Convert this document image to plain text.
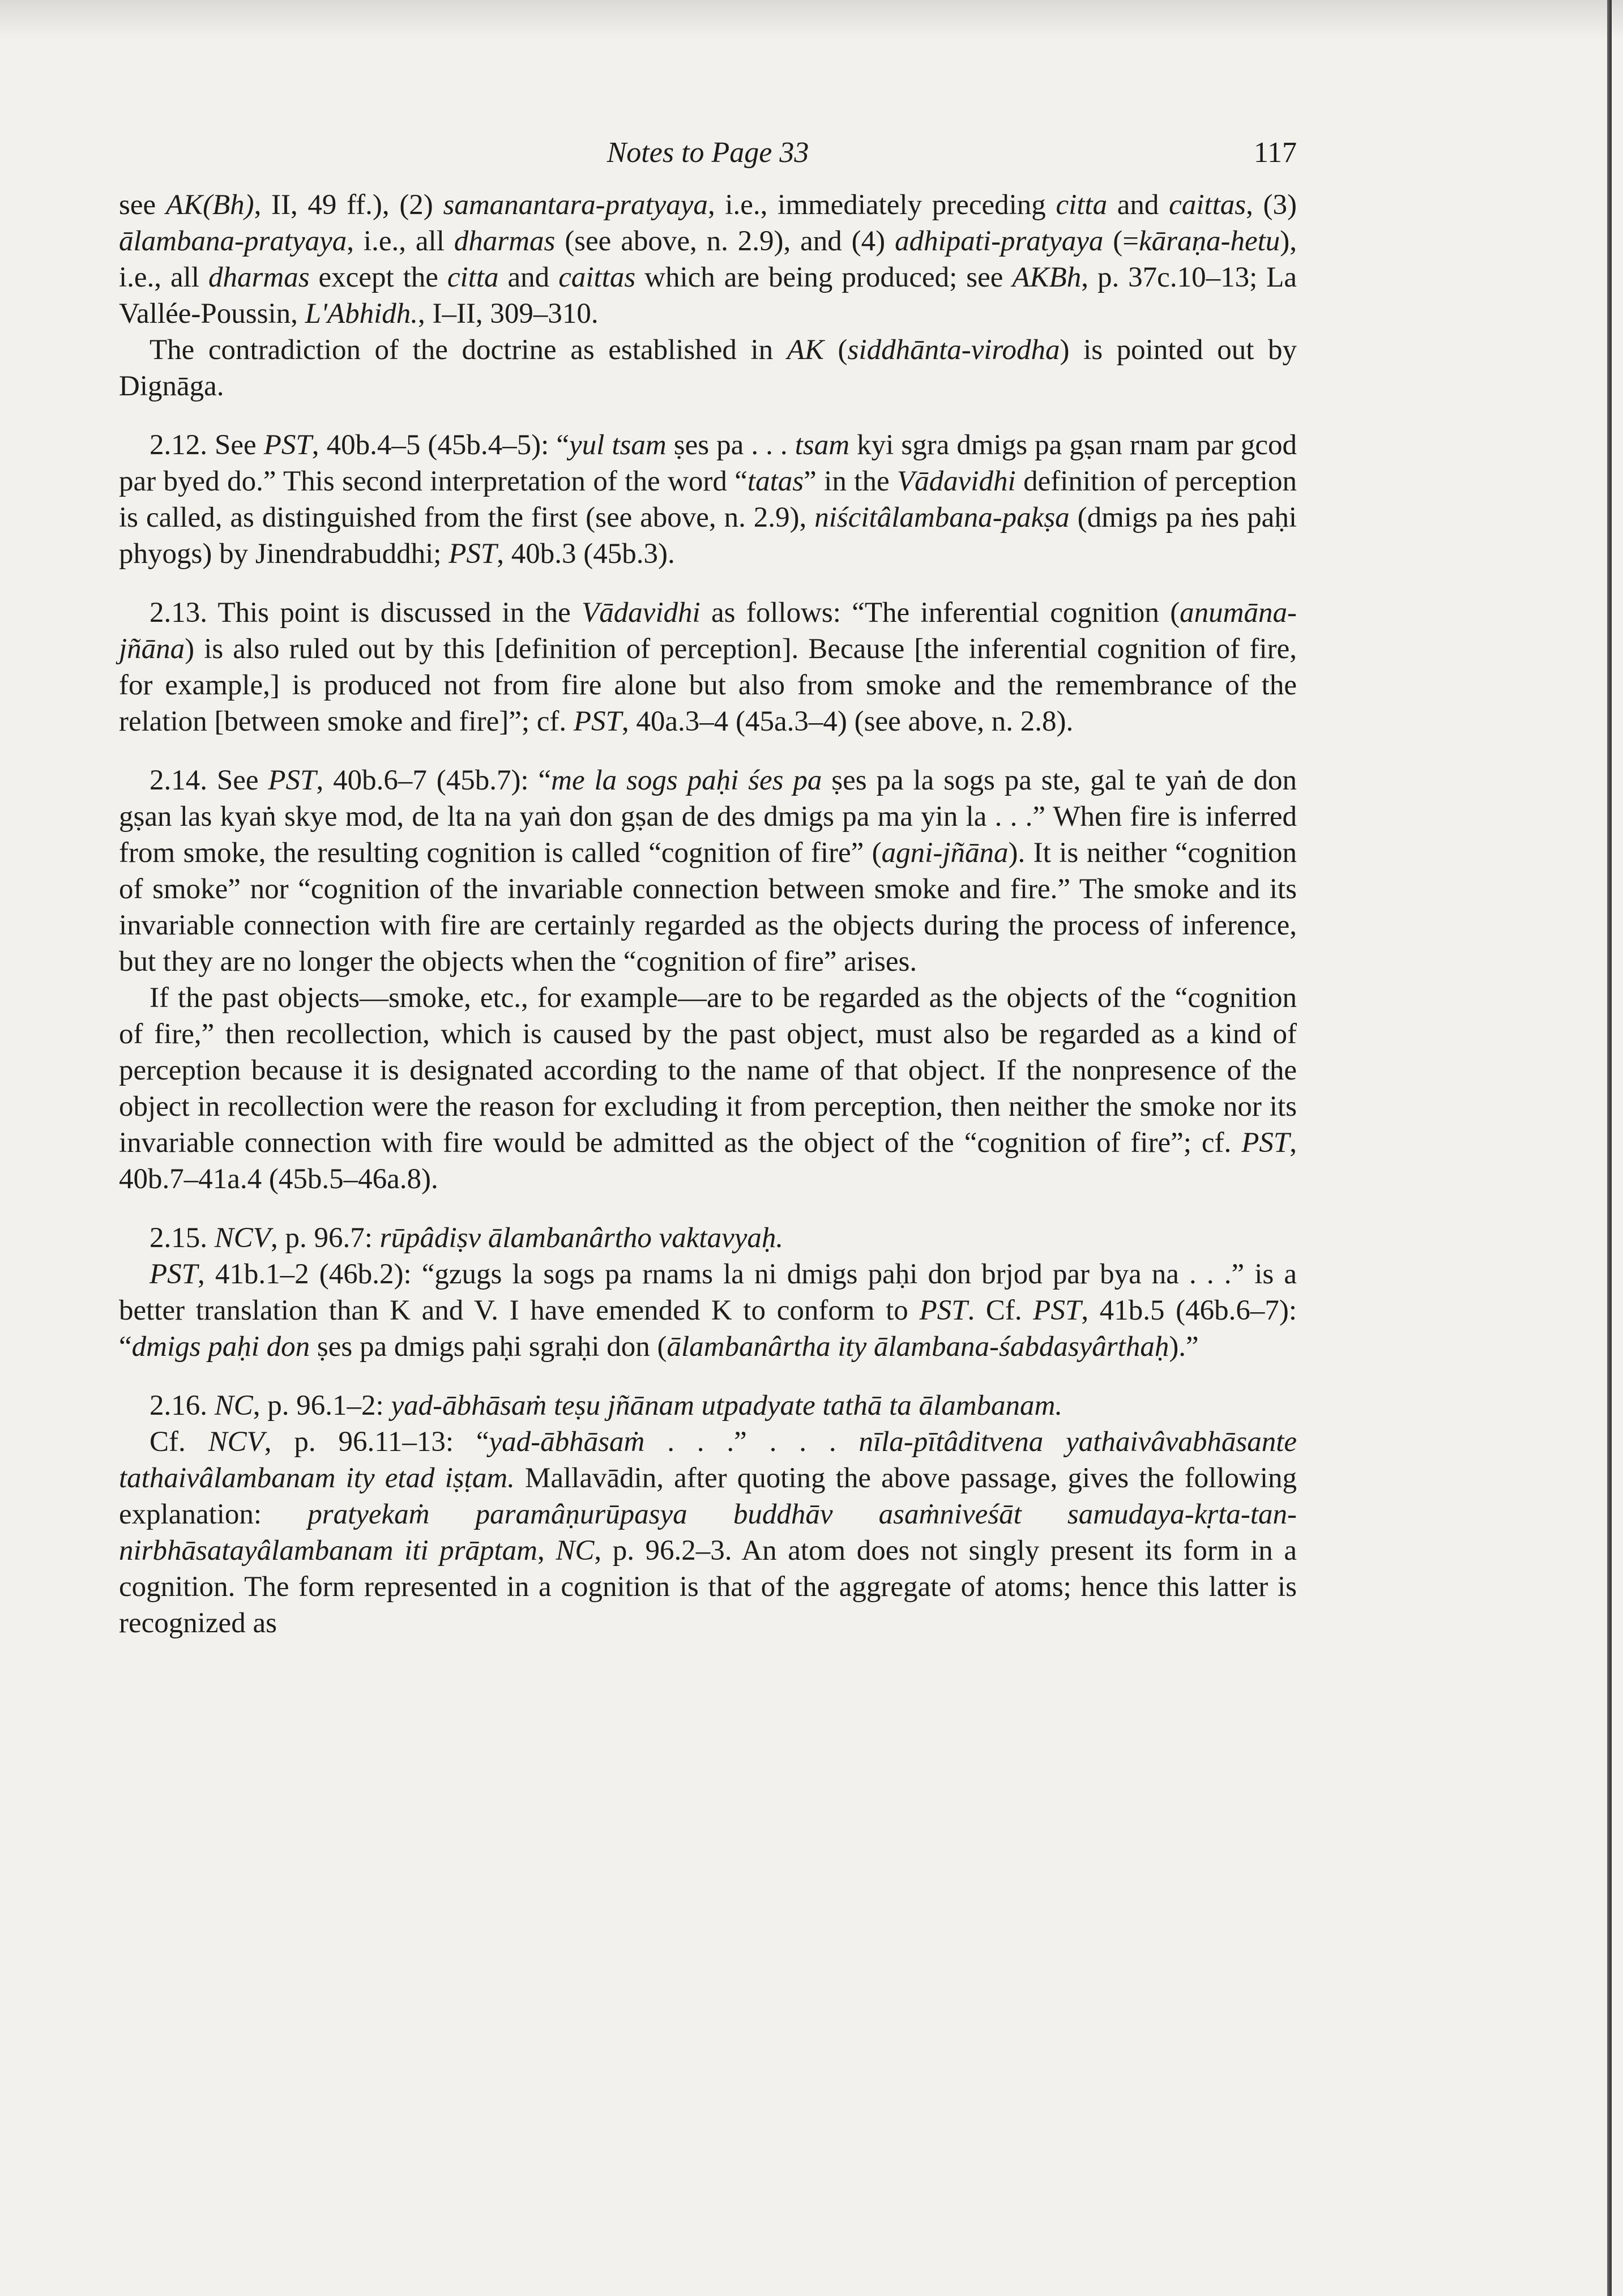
Notes to Page 33	117

see AK(Bh), II, 49 ff.), (2) samanantara-pratyaya, i.e., immediately preceding citta and caittas, (3) ālambana-pratyaya, i.e., all dharmas (see above, n. 2.9), and (4) adhipati-pratyaya (=kāraṇa-hetu), i.e., all dharmas except the citta and caittas which are being produced; see AKBh, p. 37c.10–13; La Vallée-Poussin, L'Abhidh., I–II, 309–310.

The contradiction of the doctrine as established in AK (siddhānta-virodha) is pointed out by Dignāga.

2.12. See PST, 40b.4–5 (45b.4–5): “yul tsam ṣes pa . . . tsam kyi sgra dmigs pa gṣan rnam par gcod par byed do.” This second interpretation of the word “tatas” in the Vādavidhi definition of perception is called, as distinguished from the first (see above, n. 2.9), niścitâlambana-pakṣa (dmigs pa ṅes paḥi phyogs) by Jinendrabuddhi; PST, 40b.3 (45b.3).

2.13. This point is discussed in the Vādavidhi as follows: “The inferential cognition (anumāna-jñāna) is also ruled out by this [definition of perception]. Because [the inferential cognition of fire, for example,] is produced not from fire alone but also from smoke and the remembrance of the relation [between smoke and fire]”; cf. PST, 40a.3–4 (45a.3–4) (see above, n. 2.8).

2.14. See PST, 40b.6–7 (45b.7): “me la sogs paḥi śes pa ṣes pa la sogs pa ste, gal te yaṅ de don gṣan las kyaṅ skye mod, de lta na yaṅ don gṣan de des dmigs pa ma yin la . . .” When fire is inferred from smoke, the resulting cognition is called “cognition of fire” (agni-jñāna). It is neither “cognition of smoke” nor “cognition of the invariable connection between smoke and fire.” The smoke and its invariable connection with fire are certainly regarded as the objects during the process of inference, but they are no longer the objects when the “cognition of fire” arises.

If the past objects—smoke, etc., for example—are to be regarded as the objects of the “cognition of fire,” then recollection, which is caused by the past object, must also be regarded as a kind of perception because it is designated according to the name of that object. If the nonpresence of the object in recollection were the reason for excluding it from perception, then neither the smoke nor its invariable connection with fire would be admitted as the object of the “cognition of fire”; cf. PST, 40b.7–41a.4 (45b.5–46a.8).

2.15. NCV, p. 96.7: rūpâdiṣv ālambanârtho vaktavyaḥ.

PST, 41b.1–2 (46b.2): “gzugs la sogs pa rnams la ni dmigs paḥi don brjod par bya na . . .” is a better translation than K and V. I have emended K to conform to PST. Cf. PST, 41b.5 (46b.6–7): “dmigs paḥi don ṣes pa dmigs paḥi sgraḥi don (ālambanârtha ity ālambana-śabdasyârthaḥ).”

2.16. NC, p. 96.1–2: yad-ābhāsaṁ teṣu jñānam utpadyate tathā ta ālambanam.

Cf. NCV, p. 96.11–13: “yad-ābhāsaṁ . . .” . . . nīla-pītâditvena yathaivâvabhāsante tathaivâlambanam ity etad iṣṭam. Mallavādin, after quoting the above passage, gives the following explanation: pratyekaṁ paramâṇurūpasya buddhāv asaṁniveśāt samudaya-kṛta-tan-nirbhāsatayâlambanam iti prāptam, NC, p. 96.2–3. An atom does not singly present its form in a cognition. The form represented in a cognition is that of the aggregate of atoms; hence this latter is recognized as
